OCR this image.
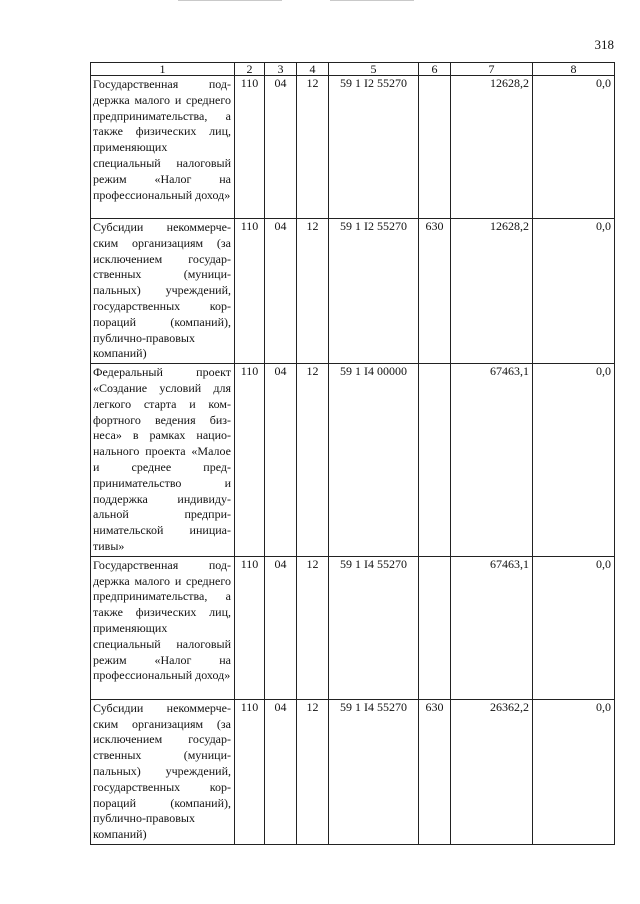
318
1	2	3	4	5	6	7	8
Государственная поддержка малого и среднего предпринимательства, а также физических лиц, применяющих специальный налоговый режим «Налог на профессиональный доход»	110	04	12	59 1 I2 55270		12628,2	0,0
Субсидии некоммерческим организациям (за исключением государственных (муниципальных) учреждений, государственных корпораций (компаний), публично-правовых компаний)	110	04	12	59 1 I2 55270	630	12628,2	0,0
Федеральный проект «Создание условий для легкого старта и комфортного ведения бизнеса» в рамках национального проекта «Малое и среднее предпринимательство и поддержка индивидуальной предпринимательской инициативы»	110	04	12	59 1 I4 00000		67463,1	0,0
Государственная поддержка малого и среднего предпринимательства, а также физических лиц, применяющих специальный налоговый режим «Налог на профессиональный доход»	110	04	12	59 1 I4 55270		67463,1	0,0
Субсидии некоммерческим организациям (за исключением государственных (муниципальных) учреждений, государственных корпораций (компаний), публично-правовых компаний)	110	04	12	59 1 I4 55270	630	26362,2	0,0
